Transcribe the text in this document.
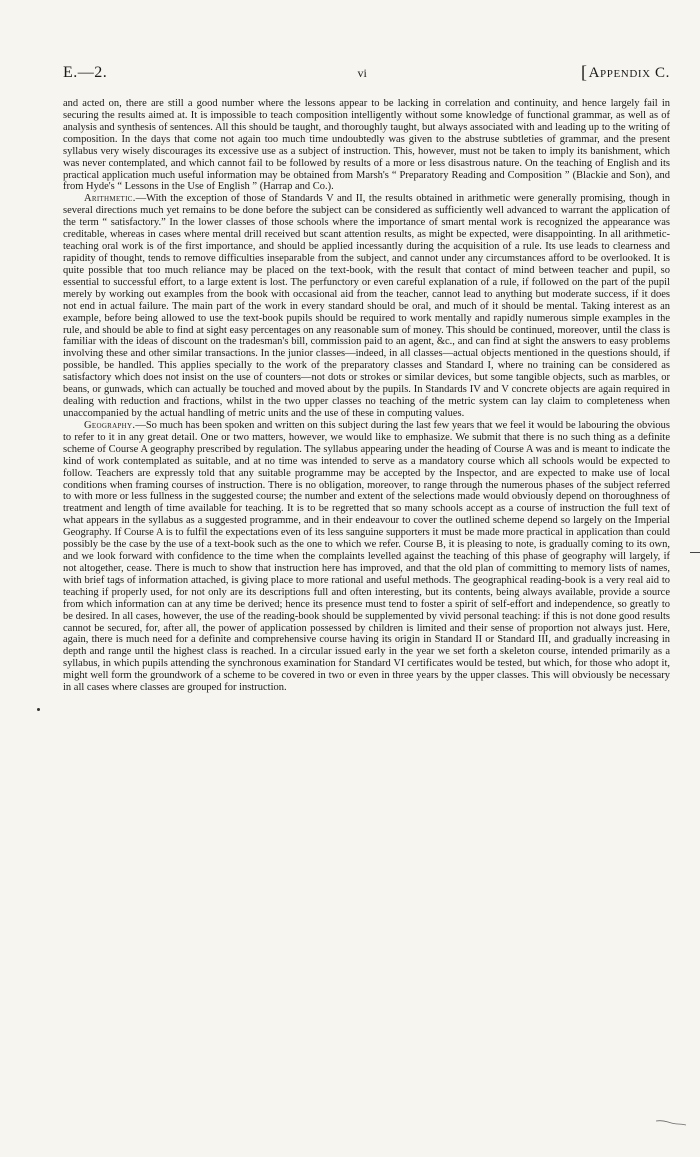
E.—2.	vi	[Appendix C.

and acted on, there are still a good number where the lessons appear to be lacking in correlation and continuity, and hence largely fail in securing the results aimed at. It is impossible to teach composition intelligently without some knowledge of functional grammar, as well as of analysis and synthesis of sentences. All this should be taught, and thoroughly taught, but always associated with and leading up to the writing of composition. In the days that come not again too much time undoubtedly was given to the abstruse subtleties of grammar, and the present syllabus very wisely discourages its excessive use as a subject of instruction. This, however, must not be taken to imply its banishment, which was never contemplated, and which cannot fail to be followed by results of a more or less disastrous nature. On the teaching of English and its practical application much useful information may be obtained from Marsh's “ Preparatory Reading and Composition ” (Blackie and Son), and from Hyde's “ Lessons in the Use of English ” (Harrap and Co.).

Arithmetic.—With the exception of those of Standards V and II, the results obtained in arithmetic were generally promising, though in several directions much yet remains to be done before the subject can be considered as sufficiently well advanced to warrant the application of the term “ satisfactory.” In the lower classes of those schools where the importance of smart mental work is recognized the appearance was creditable, whereas in cases where mental drill received but scant attention results, as might be expected, were disappointing. In all arithmetic-teaching oral work is of the first importance, and should be applied incessantly during the acquisition of a rule. Its use leads to clearness and rapidity of thought, tends to remove difficulties inseparable from the subject, and cannot under any circumstances afford to be overlooked. It is quite possible that too much reliance may be placed on the text-book, with the result that contact of mind between teacher and pupil, so essential to successful effort, to a large extent is lost. The perfunctory or even careful explanation of a rule, if followed on the part of the pupil merely by working out examples from the book with occasional aid from the teacher, cannot lead to anything but moderate success, if it does not end in actual failure. The main part of the work in every standard should be oral, and much of it should be mental. Taking interest as an example, before being allowed to use the text-book pupils should be required to work mentally and rapidly numerous simple examples in the rule, and should be able to find at sight easy percentages on any reasonable sum of money. This should be continued, moreover, until the class is familiar with the ideas of discount on the tradesman's bill, commission paid to an agent, &c., and can find at sight the answers to easy problems involving these and other similar transactions. In the junior classes—indeed, in all classes—actual objects mentioned in the questions should, if possible, be handled. This applies specially to the work of the preparatory classes and Standard I, where no training can be considered as satisfactory which does not insist on the use of counters—not dots or strokes or similar devices, but some tangible objects, such as marbles, or beans, or gunwads, which can actually be touched and moved about by the pupils. In Standards IV and V concrete objects are again required in dealing with reduction and fractions, whilst in the two upper classes no teaching of the metric system can lay claim to completeness when unaccompanied by the actual handling of metric units and the use of these in computing values.

Geography.—So much has been spoken and written on this subject during the last few years that we feel it would be labouring the obvious to refer to it in any great detail. One or two matters, however, we would like to emphasize. We submit that there is no such thing as a definite scheme of Course A geography prescribed by regulation. The syllabus appearing under the heading of Course A was and is meant to indicate the kind of work contemplated as suitable, and at no time was intended to serve as a mandatory course which all schools would be expected to follow. Teachers are expressly told that any suitable programme may be accepted by the Inspector, and are expected to make use of local conditions when framing courses of instruction. There is no obligation, moreover, to range through the numerous phases of the subject referred to with more or less fullness in the suggested course; the number and extent of the selections made would obviously depend on thoroughness of treatment and length of time available for teaching. It is to be regretted that so many schools accept as a course of instruction the full text of what appears in the syllabus as a suggested programme, and in their endeavour to cover the outlined scheme depend so largely on the Imperial Geography. If Course A is to fulfil the expectations even of its less sanguine supporters it must be made more practical in application than could possibly be the case by the use of a text-book such as the one to which we refer. Course B, it is pleasing to note, is gradually coming to its own, and we look forward with confidence to the time when the complaints levelled against the teaching of this phase of geography will largely, if not altogether, cease. There is much to show that instruction here has improved, and that the old plan of committing to memory lists of names, with brief tags of information attached, is giving place to more rational and useful methods. The geographical reading-book is a very real aid to teaching if properly used, for not only are its descriptions full and often interesting, but its contents, being always available, provide a source from which information can at any time be derived; hence its presence must tend to foster a spirit of self-effort and independence, so greatly to be desired. In all cases, however, the use of the reading-book should be supplemented by vivid personal teaching: if this is not done good results cannot be secured, for, after all, the power of application possessed by children is limited and their sense of proportion not always just. Here, again, there is much need for a definite and comprehensive course having its origin in Standard II or Standard III, and gradually increasing in depth and range until the highest class is reached. In a circular issued early in the year we set forth a skeleton course, intended primarily as a syllabus, in which pupils attending the synchronous examination for Standard VI certificates would be tested, but which, for those who adopt it, might well form the groundwork of a scheme to be covered in two or even in three years by the upper classes. This will obviously be necessary in all cases where classes are grouped for instruction.
